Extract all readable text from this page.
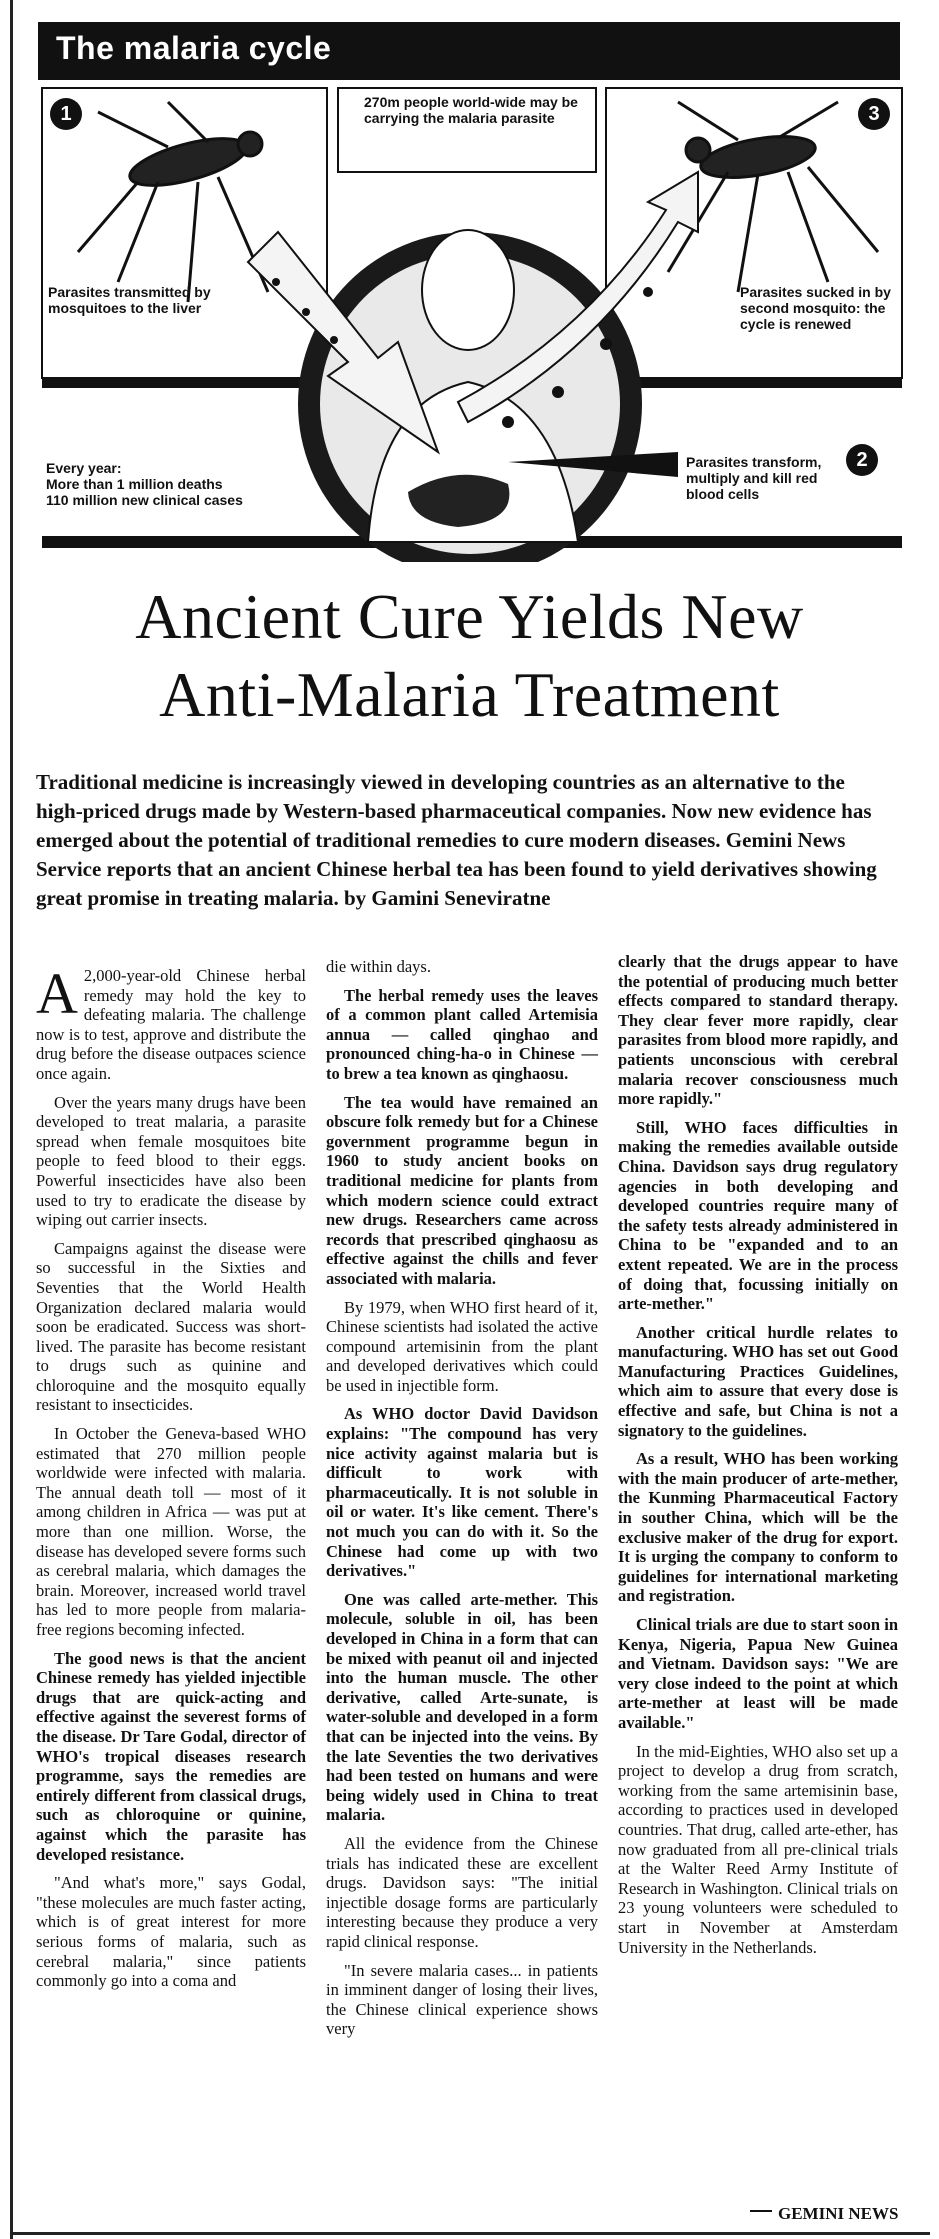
The malaria cycle
1
Parasites transmitted by mosquitoes to the liver
3
Parasites sucked in by second mosquito: the cycle is renewed
2
Parasites transform, multiply and kill red blood cells
270m people world-wide may be carrying the malaria parasite
Every year:
More than 1 million deaths
110 million new clinical cases
Ancient Cure Yields New
Anti-Malaria Treatment
Traditional medicine is increasingly viewed in developing countries as an alternative to the high-priced drugs made by Western-based pharmaceutical companies. Now new evidence has emerged about the potential of traditional remedies to cure modern diseases. Gemini News Service reports that an ancient Chinese herbal tea has been found to yield derivatives showing great promise in treating malaria. by Gamini Seneviratne

A 2,000-year-old Chinese herbal remedy may hold the key to defeating malaria. The challenge now is to test, approve and distribute the drug before the disease outpaces science once again.

Over the years many drugs have been developed to treat malaria, a parasite spread when female mosquitoes bite people to feed blood to their eggs. Powerful insecticides have also been used to try to eradicate the disease by wiping out carrier insects.

Campaigns against the disease were so successful in the Sixties and Seventies that the World Health Organization declared malaria would soon be eradicated. Success was short-lived. The parasite has become resistant to drugs such as quinine and chloroquine and the mosquito equally resistant to insecticides.

In October the Geneva-based WHO estimated that 270 million people worldwide were infected with malaria. The annual death toll — most of it among children in Africa — was put at more than one million. Worse, the disease has developed severe forms such as cerebral malaria, which damages the brain. Moreover, increased world travel has led to more people from malaria-free regions becoming infected.

The good news is that the ancient Chinese remedy has yielded injectible drugs that are quick-acting and effective against the severest forms of the disease. Dr Tare Godal, director of WHO's tropical diseases research programme, says the remedies are entirely different from classical drugs, such as chloroquine or quinine, against which the parasite has developed resistance.

"And what's more," says Godal, "these molecules are much faster acting, which is of great interest for more serious forms of malaria, such as cerebral malaria," since patients commonly go into a coma and

die within days.

The herbal remedy uses the leaves of a common plant called Artemisia annua — called qinghao and pronounced ching-ha-o in Chinese — to brew a tea known as qinghaosu.

The tea would have remained an obscure folk remedy but for a Chinese government programme begun in 1960 to study ancient books on traditional medicine for plants from which modern science could extract new drugs. Researchers came across records that prescribed qinghaosu as effective against the chills and fever associated with malaria.

By 1979, when WHO first heard of it, Chinese scientists had isolated the active compound artemisinin from the plant and developed derivatives which could be used in injectible form.

As WHO doctor David Davidson explains: "The compound has very nice activity against malaria but is difficult to work with pharmaceutically. It is not soluble in oil or water. It's like cement. There's not much you can do with it. So the Chinese had come up with two derivatives."

One was called arte-mether. This molecule, soluble in oil, has been developed in China in a form that can be mixed with peanut oil and injected into the human muscle. The other derivative, called Arte-sunate, is water-soluble and developed in a form that can be injected into the veins. By the late Seventies the two derivatives had been tested on humans and were being widely used in China to treat malaria.

All the evidence from the Chinese trials has indicated these are excellent drugs. Davidson says: "The initial injectible dosage forms are particularly interesting because they produce a very rapid clinical response.

"In severe malaria cases... in patients in imminent danger of losing their lives, the Chinese clinical experience shows very

clearly that the drugs appear to have the potential of producing much better effects compared to standard therapy. They clear fever more rapidly, clear parasites from blood more rapidly, and patients unconscious with cerebral malaria recover consciousness much more rapidly."

Still, WHO faces difficulties in making the remedies available outside China. Davidson says drug regulatory agencies in both developing and developed countries require many of the safety tests already administered in China to be "expanded and to an extent repeated. We are in the process of doing that, focussing initially on arte-mether."

Another critical hurdle relates to manufacturing. WHO has set out Good Manufacturing Practices Guidelines, which aim to assure that every dose is effective and safe, but China is not a signatory to the guidelines.

As a result, WHO has been working with the main producer of arte-mether, the Kunming Pharmaceutical Factory in souther China, which will be the exclusive maker of the drug for export. It is urging the company to conform to guidelines for international marketing and registration.

Clinical trials are due to start soon in Kenya, Nigeria, Papua New Guinea and Vietnam. Davidson says: "We are very close indeed to the point at which arte-mether at least will be made available."

In the mid-Eighties, WHO also set up a project to develop a drug from scratch, working from the same artemisinin base, according to practices used in developed countries. That drug, called arte-ether, has now graduated from all pre-clinical trials at the Walter Reed Army Institute of Research in Washington. Clinical trials on 23 young volunteers were scheduled to start in November at Amsterdam University in the Netherlands.

GEMINI NEWS
